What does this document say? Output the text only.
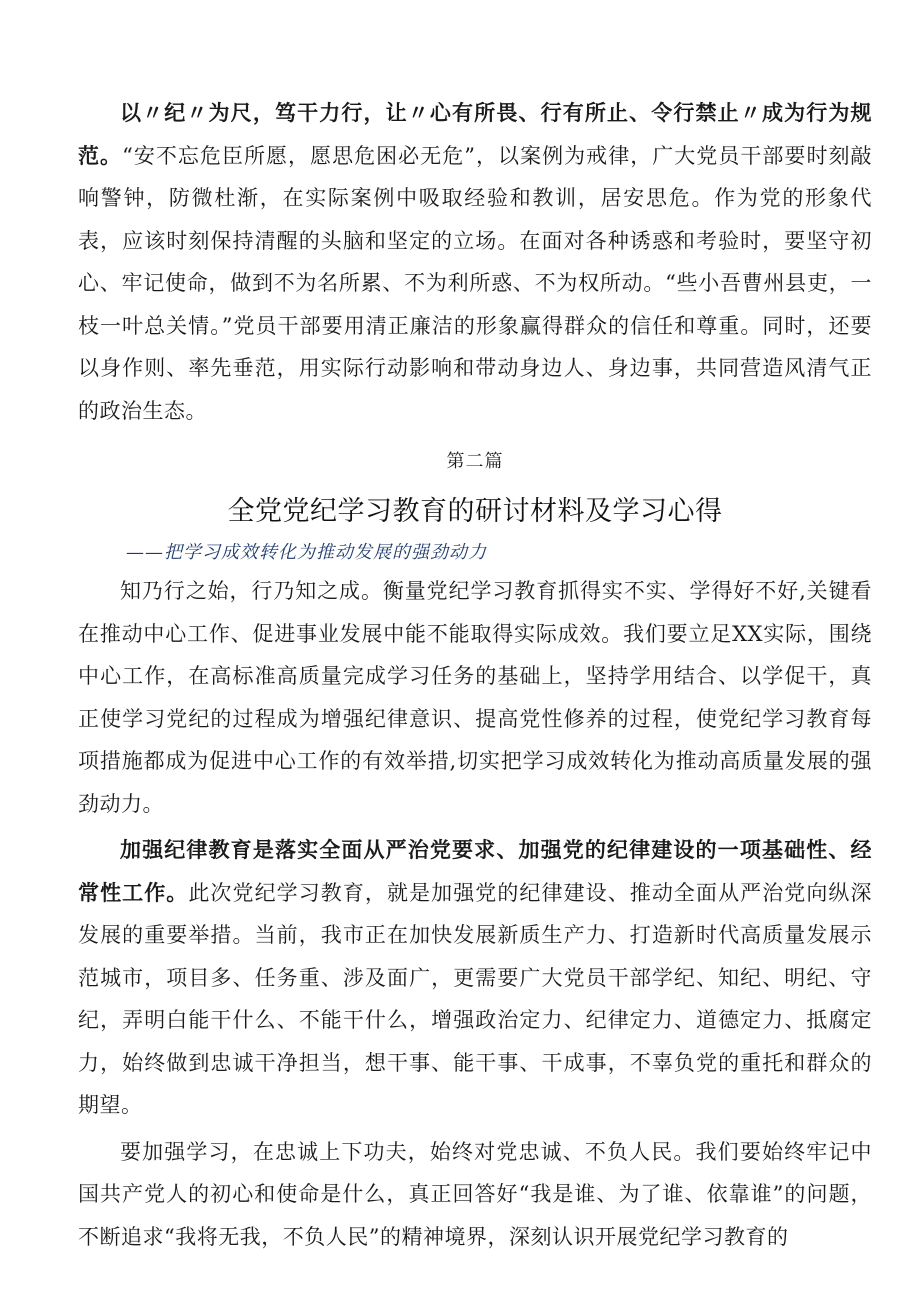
以〃纪〃为尺，笃干力行，让〃心有所畏、行有所止、令行禁止〃成为行为规范。“安不忘危臣所愿，愿思危困必无危”，以案例为戒律，广大党员干部要时刻敲响警钟，防微杜渐，在实际案例中吸取经验和教训，居安思危。作为党的形象代表，应该时刻保持清醒的头脑和坚定的立场。在面对各种诱惑和考验时，要坚守初心、牢记使命，做到不为名所累、不为利所惑、不为权所动。“些小吾曹州县吏，一枝一叶总关情。”党员干部要用清正廉洁的形象赢得群众的信任和尊重。同时，还要以身作则、率先垂范，用实际行动影响和带动身边人、身边事，共同营造风清气正的政治生态。

第二篇
全党党纪学习教育的研讨材料及学习心得
——把学习成效转化为推动发展的强劲动力

知乃行之始，行乃知之成。衡量党纪学习教育抓得实不实、学得好不好,关键看在推动中心工作、促进事业发展中能不能取得实际成效。我们要立足XX实际，围绕中心工作，在高标准高质量完成学习任务的基础上，坚持学用结合、以学促干，真正使学习党纪的过程成为增强纪律意识、提高党性修养的过程，使党纪学习教育每项措施都成为促进中心工作的有效举措,切实把学习成效转化为推动高质量发展的强劲动力。

加强纪律教育是落实全面从严治党要求、加强党的纪律建设的一项基础性、经常性工作。此次党纪学习教育，就是加强党的纪律建设、推动全面从严治党向纵深发展的重要举措。当前，我市正在加快发展新质生产力、打造新时代高质量发展示范城市，项目多、任务重、涉及面广，更需要广大党员干部学纪、知纪、明纪、守纪，弄明白能干什么、不能干什么，增强政治定力、纪律定力、道德定力、抵腐定力，始终做到忠诚干净担当，想干事、能干事、干成事，不辜负党的重托和群众的期望。

要加强学习，在忠诚上下功夫，始终对党忠诚、不负人民。我们要始终牢记中国共产党人的初心和使命是什么，真正回答好“我是谁、为了谁、依靠谁”的问题，不断追求“我将无我，不负人民”的精神境界，深刻认识开展党纪学习教育的
